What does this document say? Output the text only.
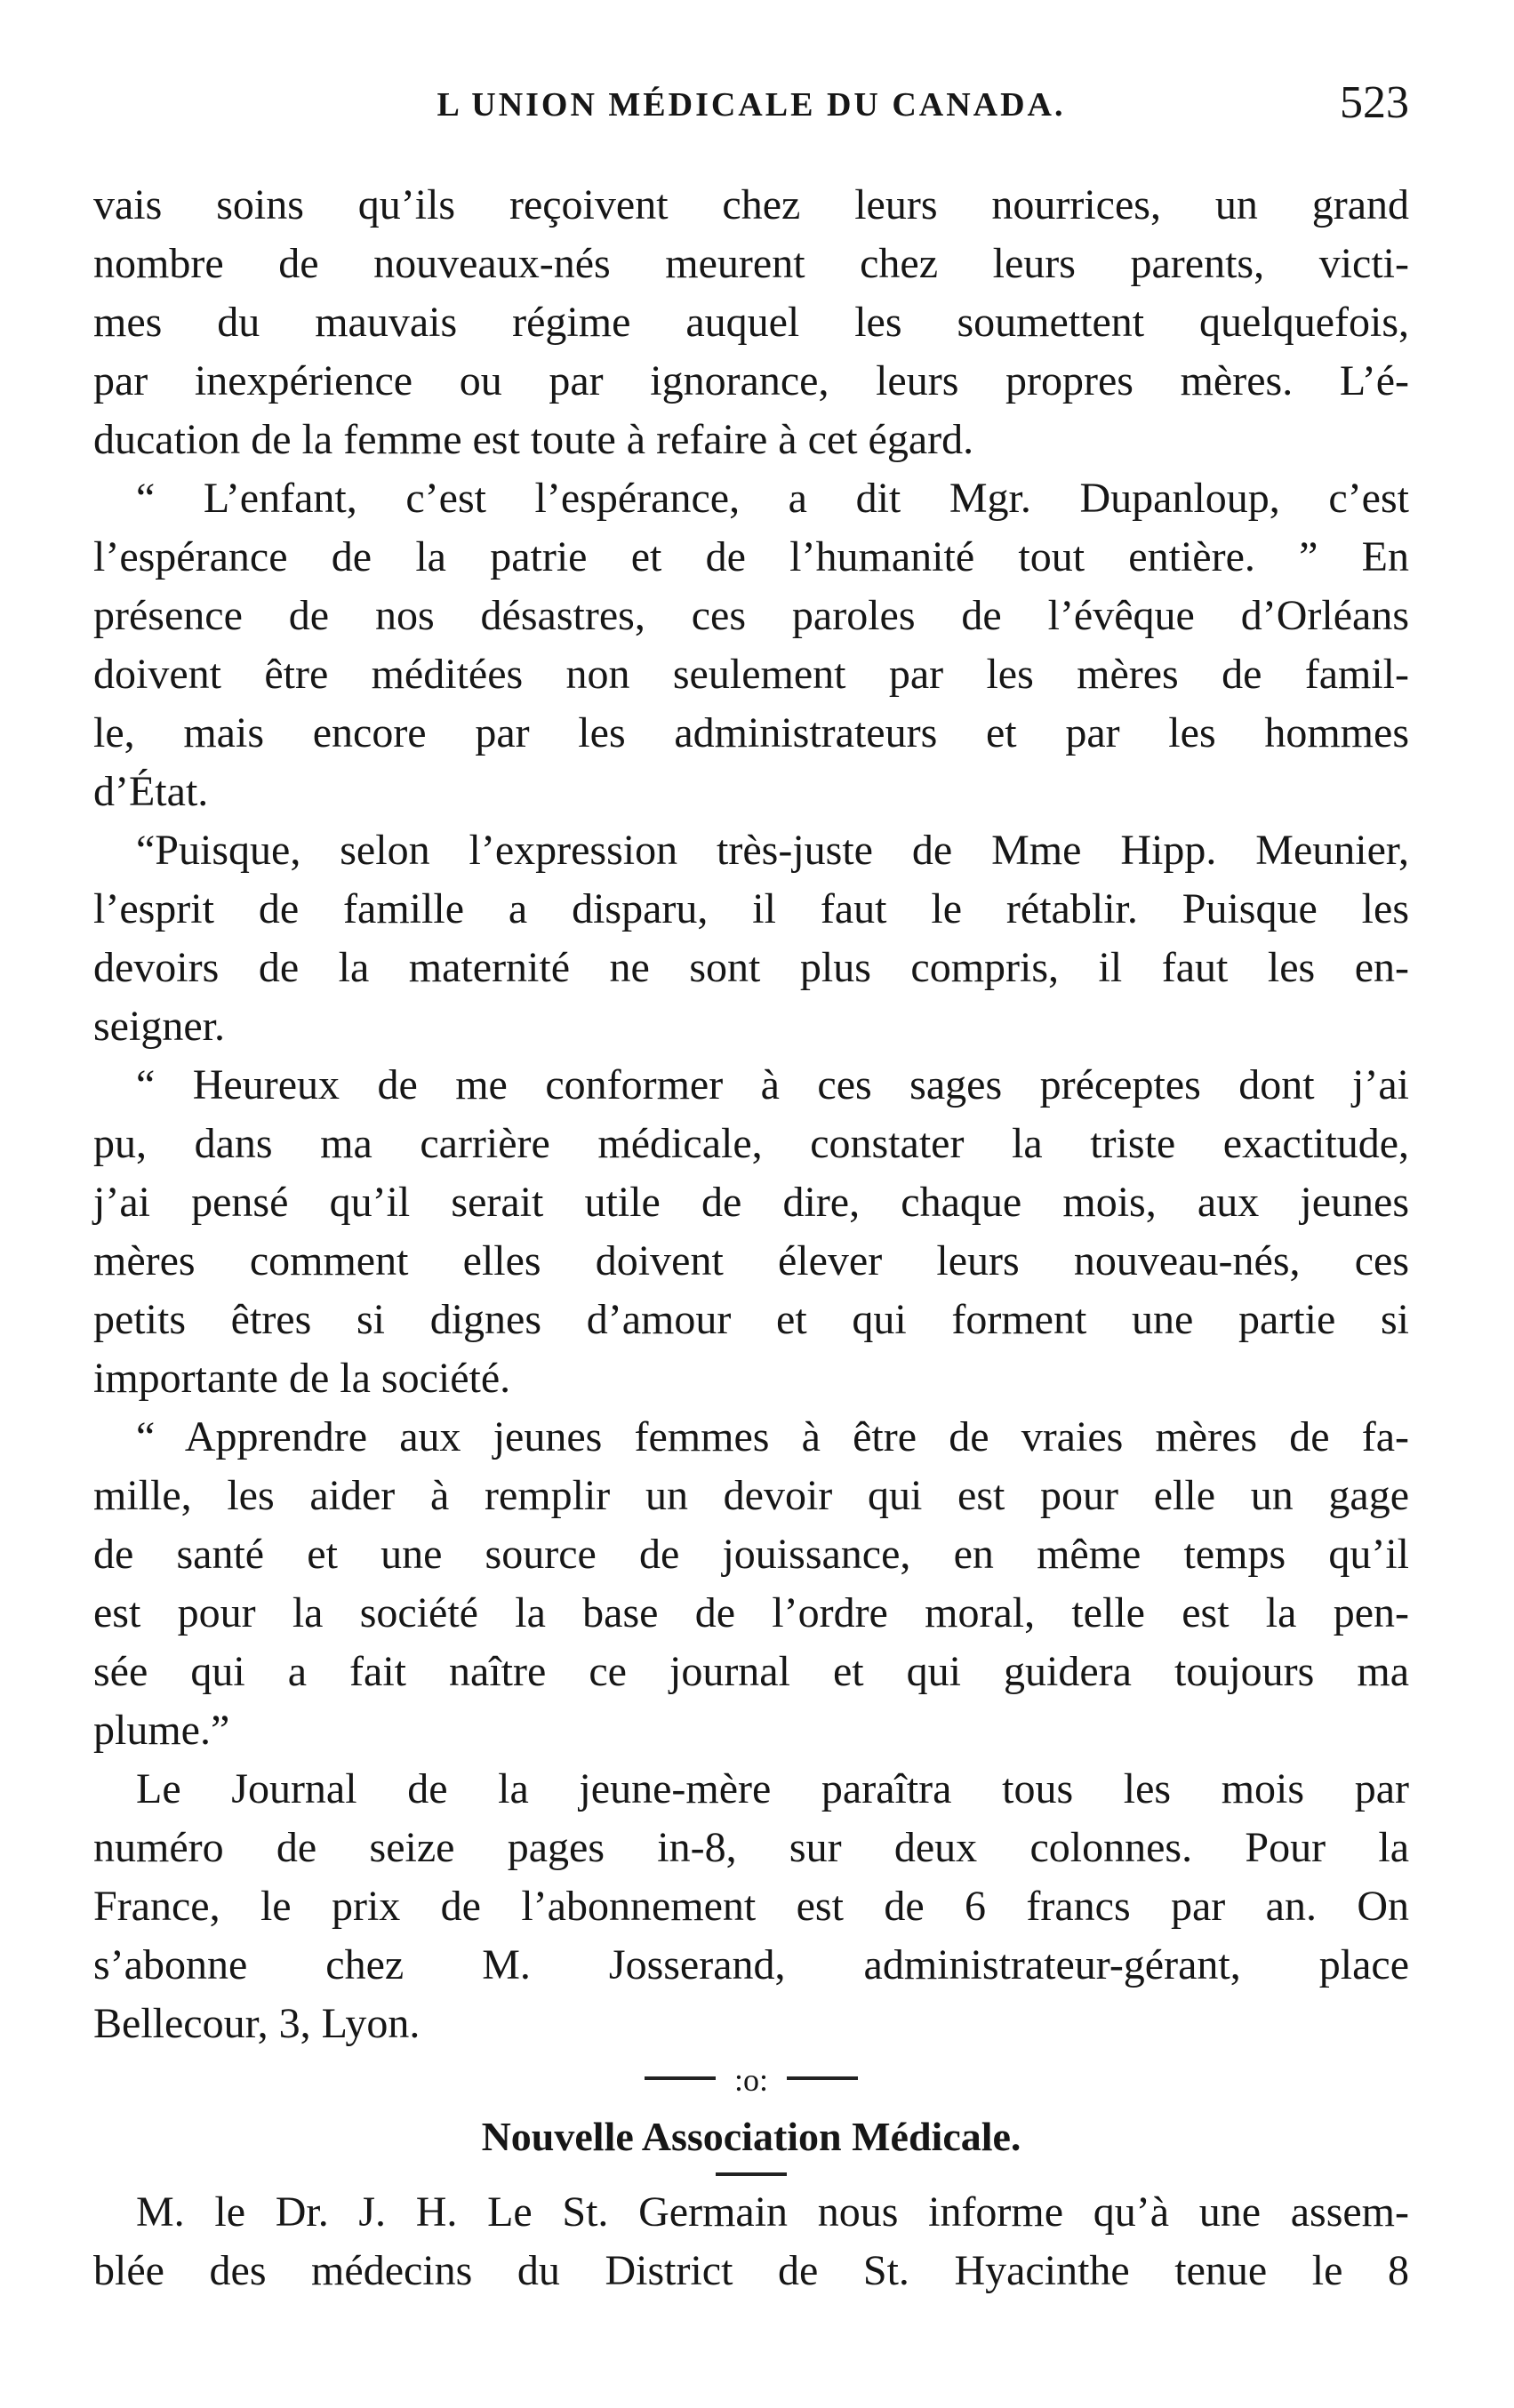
L UNION MÉDICALE DU CANADA.	523
vais soins qu’ils reçoivent chez leurs nourrices, un grand
nombre de nouveaux-nés meurent chez leurs parents, victi-
mes du mauvais régime auquel les soumettent quelquefois,
par inexpérience ou par ignorance, leurs propres mères. L’é-
ducation de la femme est toute à refaire à cet égard.
“ L’enfant, c’est l’espérance, a dit Mgr. Dupanloup, c’est
l’espérance de la patrie et de l’humanité tout entière. ” En
présence de nos désastres, ces paroles de l’évêque d’Orléans
doivent être méditées non seulement par les mères de famil-
le, mais encore par les administrateurs et par les hommes
d’État.
“Puisque, selon l’expression très-juste de Mme Hipp. Meunier,
l’esprit de famille a disparu, il faut le rétablir. Puisque les
devoirs de la maternité ne sont plus compris, il faut les en-
seigner.
“ Heureux de me conformer à ces sages préceptes dont j’ai
pu, dans ma carrière médicale, constater la triste exactitude,
j’ai pensé qu’il serait utile de dire, chaque mois, aux jeunes
mères comment elles doivent élever leurs nouveau-nés, ces
petits êtres si dignes d’amour et qui forment une partie si
importante de la société.
“ Apprendre aux jeunes femmes à être de vraies mères de fa-
mille, les aider à remplir un devoir qui est pour elle un gage
de santé et une source de jouissance, en même temps qu’il
est pour la société la base de l’ordre moral, telle est la pen-
sée qui a fait naître ce journal et qui guidera toujours ma
plume.”
Le Journal de la jeune-mère paraîtra tous les mois par
numéro de seize pages in-8, sur deux colonnes. Pour la
France, le prix de l’abonnement est de 6 francs par an. On
s’abonne chez M. Josserand, administrateur-gérant, place
Bellecour, 3, Lyon.
:o:
Nouvelle Association Médicale.
M. le Dr. J. H. Le St. Germain nous informe qu’à une assem-
blée des médecins du District de St. Hyacinthe tenue le 8
